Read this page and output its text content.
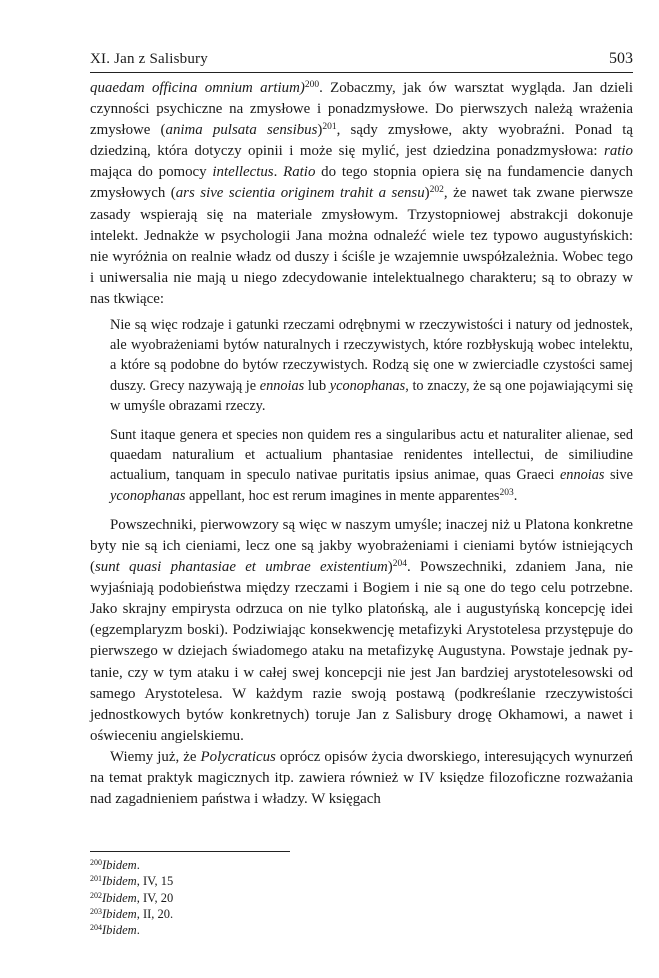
XI. Jan z Salisbury	503

quaedam officina omnium artium)$^{200}$. Zobaczmy, jak ów warsztat wygląda. Jan dzieli czynności psychiczne na zmysłowe i ponadzmysłowe. Do pierwszych należą wrażenia zmysłowe (anima pulsata sensibus)$^{201}$, sądy zmysłowe, akty wyobraźni. Ponad tą dziedziną, która dotyczy opinii i może się mylić, jest dziedzina ponadzmysłowa: ratio mająca do pomocy intellectus. Ratio do tego stopnia opiera się na fundamencie danych zmysłowych (ars sive scientia originem trahit a sensu)$^{202}$, że nawet tak zwane pierwsze zasady wspierają się na materiale zmysłowym. Trzystopniowej abstrakcji dokonuje intelekt. Jednakże w psychologii Jana można odnaleźć wiele tez typowo augustyńskich: nie wyróżnia on realnie władz od duszy i ściśle je wzajemnie uwspółzależnia. Wobec tego i uniwersalia nie mają u niego zdecydowanie intelektualnego charakteru; są to obrazy w nas tkwiące:

Nie są więc rodzaje i gatunki rzeczami odrębnymi w rzeczywistości i natury od jednostek, ale wyobrażeniami bytów naturalnych i rzeczywistych, które rozbłyskują wobec intelektu, a które są podobne do bytów rzeczywistych. Rodzą się one w zwierciadle czystości samej duszy. Grecy nazywają je ennoias lub yconophanas, to znaczy, że są one pojawiającymi się w umyśle obrazami rzeczy.

Sunt itaque genera et species non quidem res a singularibus actu et naturaliter alienae, sed quaedam naturalium et actualium phantasiae renidentes intellectui, de similiudine actualium, tanquam in speculo nativae puritatis ipsius animae, quas Graeci ennoias sive yconophanas appellant, hoc est rerum imagines in mente apparentes$^{203}$.

Powszechniki, pierwowzory są więc w naszym umyśle; inaczej niż u Platona konkretne byty nie są ich cieniami, lecz one są jakby wyobrażeniami i cieniami bytów istniejących (sunt quasi phantasiae et umbrae existentium)$^{204}$. Powszechniki, zdaniem Jana, nie wyjaśniają podobieństwa między rzeczami i Bogiem i nie są one do tego celu potrzebne. Jako skrajny empirysta odrzuca on nie tylko platońską, ale i augustyńską koncepcję idei (egzemplaryzm boski). Podziwiając konsekwencję metafizyki Arystotelesa przystępuje do pierwszego w dziejach świadomego ataku na metafizykę Augustyna. Powstaje jednak pytanie, czy w tym ataku i w całej swej koncepcji nie jest Jan bardziej arystotelesowski od samego Arystotelesa. W każdym razie swoją postawą (podkreślanie rzeczywistości jednostkowych bytów konkretnych) toruje Jan z Salisbury drogę Okhamowi, a nawet i oświeceniu angielskiemu.

Wiemy już, że Polycraticus oprócz opisów życia dworskiego, interesujących wynurzeń na temat praktyk magicznych itp. zawiera również w IV księdze filozoficzne rozważania nad zagadnieniem państwa i władzy. W księgach

$^{200}$Ibidem.
$^{201}$Ibidem, IV, 15
$^{202}$Ibidem, IV, 20
$^{203}$Ibidem, II, 20.
$^{204}$Ibidem.
